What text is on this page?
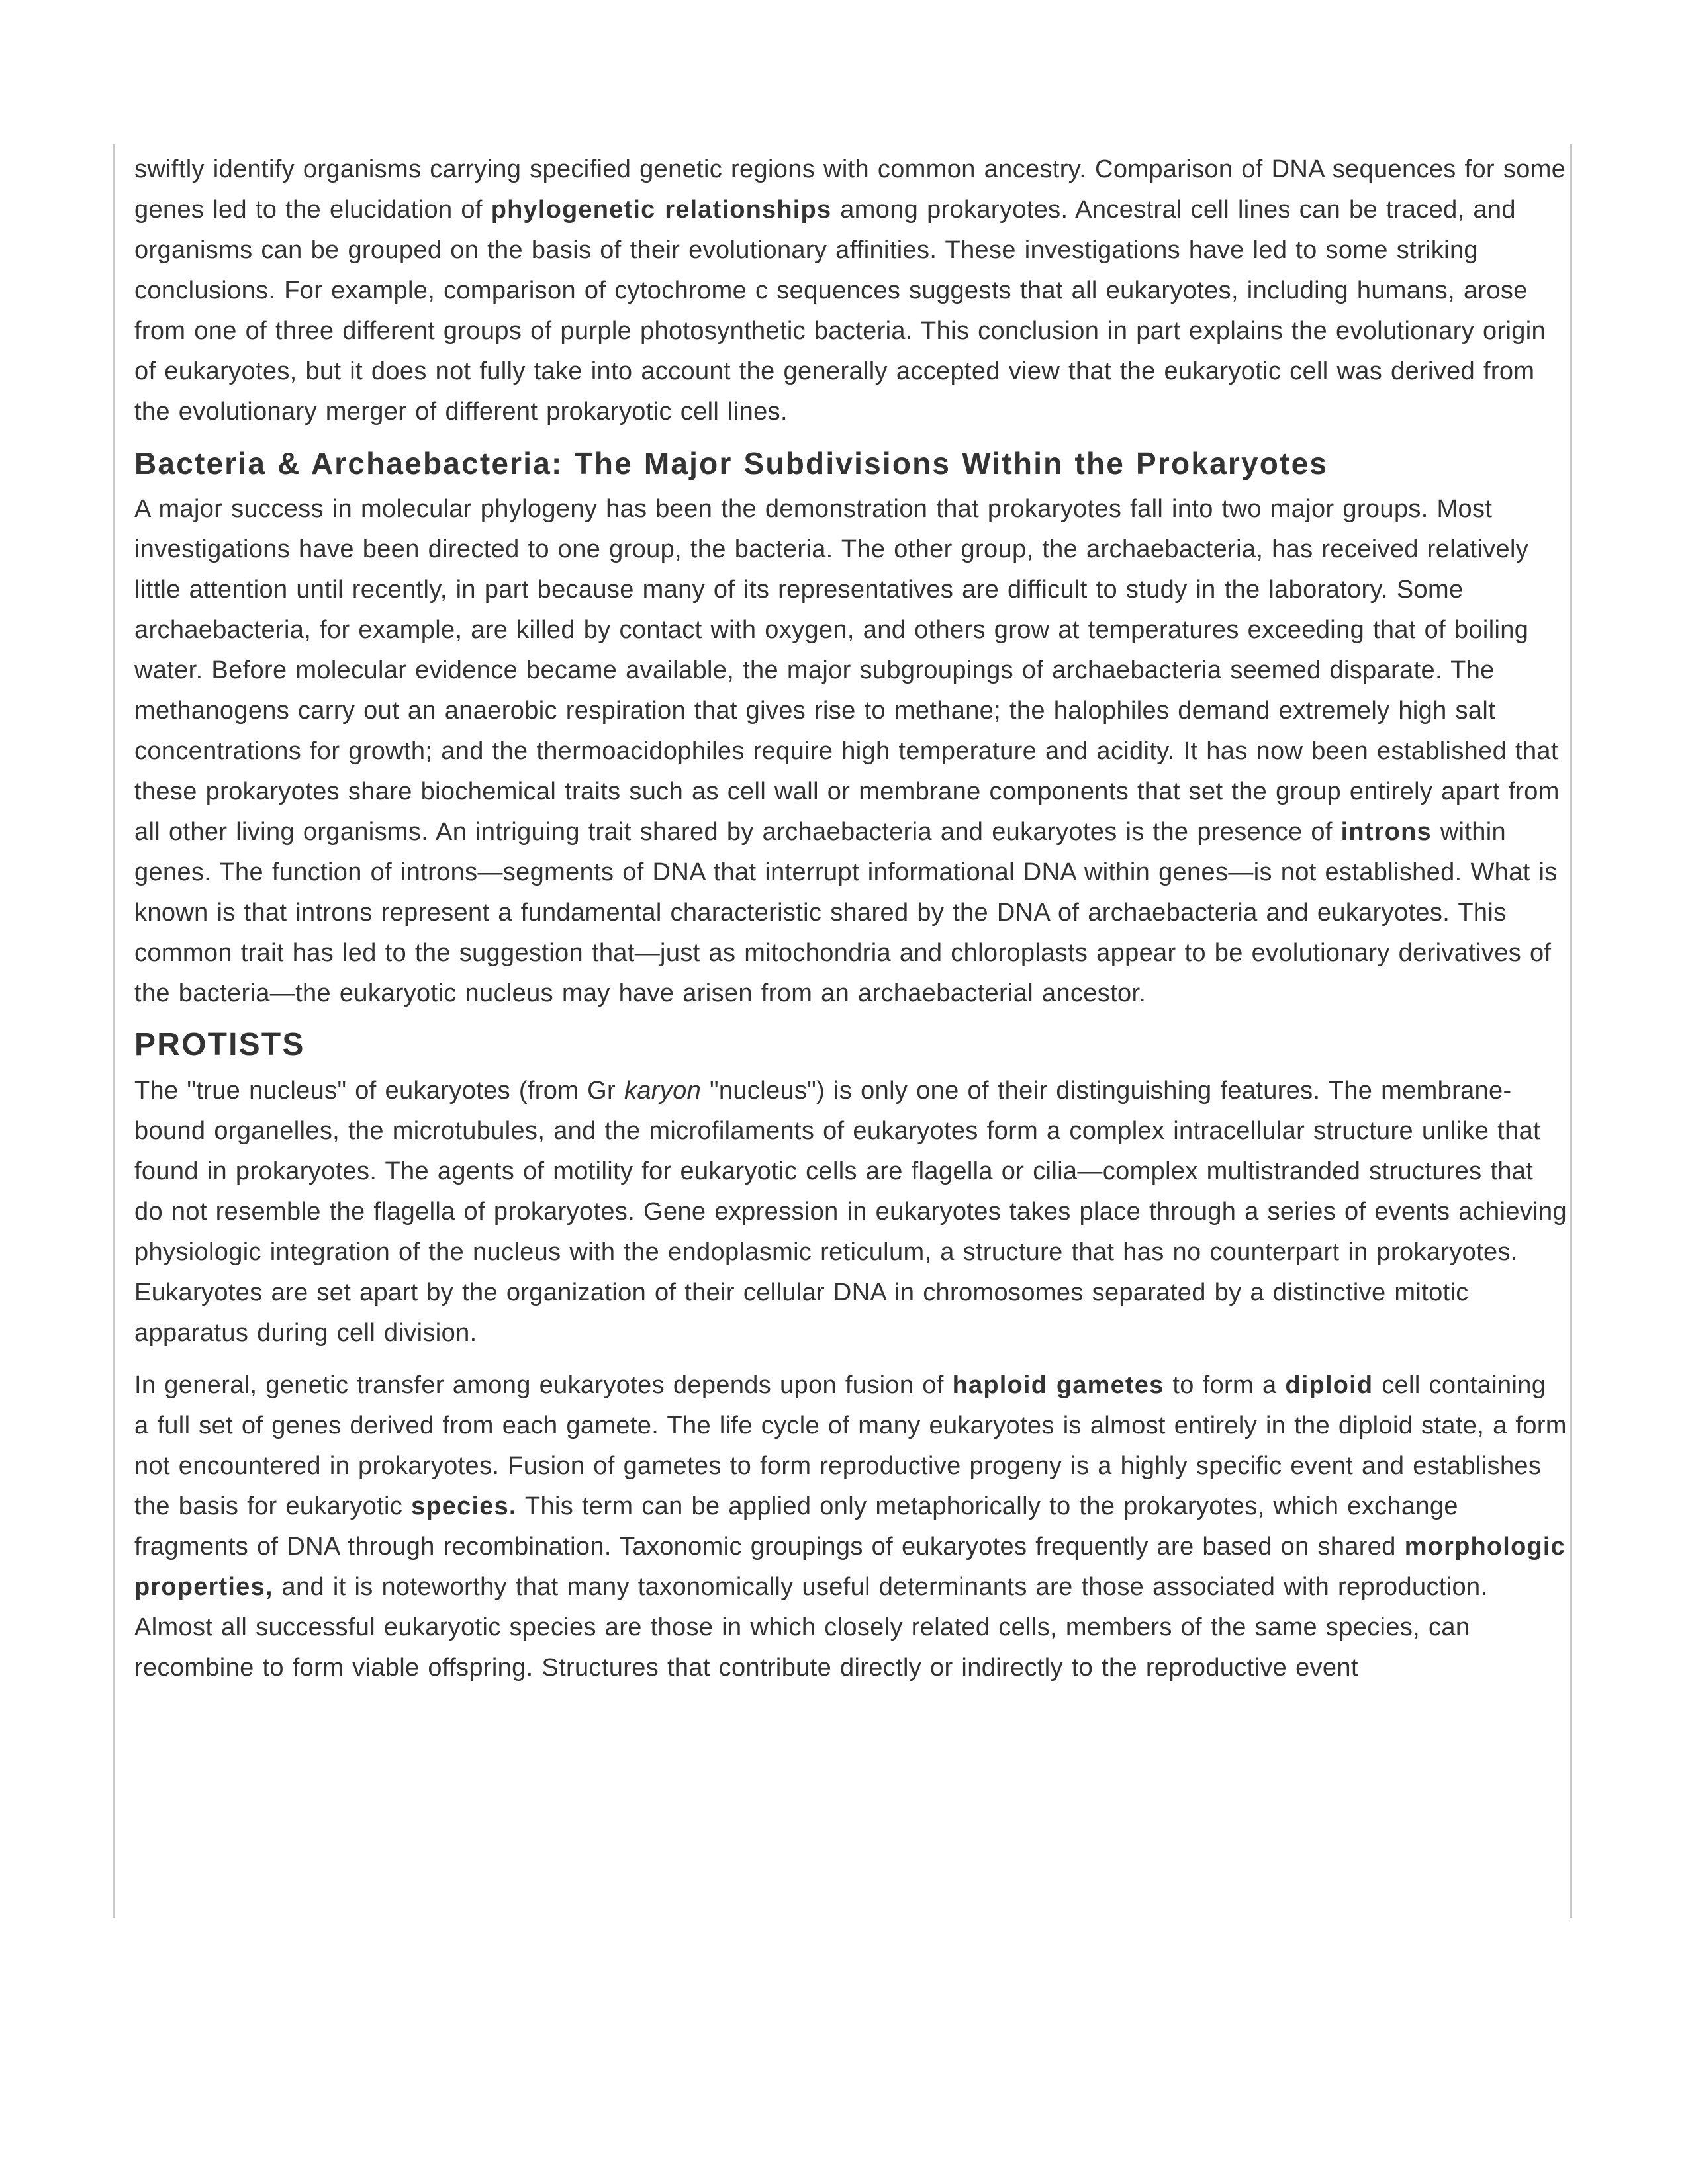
swiftly identify organisms carrying specified genetic regions with common ancestry. Comparison of DNA sequences for some genes led to the elucidation of phylogenetic relationships among prokaryotes. Ancestral cell lines can be traced, and organisms can be grouped on the basis of their evolutionary affinities. These investigations have led to some striking conclusions. For example, comparison of cytochrome c sequences suggests that all eukaryotes, including humans, arose from one of three different groups of purple photosynthetic bacteria. This conclusion in part explains the evolutionary origin of eukaryotes, but it does not fully take into account the generally accepted view that the eukaryotic cell was derived from the evolutionary merger of different prokaryotic cell lines.

Bacteria & Archaebacteria: The Major Subdivisions Within the Prokaryotes

A major success in molecular phylogeny has been the demonstration that prokaryotes fall into two major groups. Most investigations have been directed to one group, the bacteria. The other group, the archaebacteria, has received relatively little attention until recently, in part because many of its representatives are difficult to study in the laboratory. Some archaebacteria, for example, are killed by contact with oxygen, and others grow at temperatures exceeding that of boiling water. Before molecular evidence became available, the major subgroupings of archaebacteria seemed disparate. The methanogens carry out an anaerobic respiration that gives rise to methane; the halophiles demand extremely high salt concentrations for growth; and the thermoacidophiles require high temperature and acidity. It has now been established that these prokaryotes share biochemical traits such as cell wall or membrane components that set the group entirely apart from all other living organisms. An intriguing trait shared by archaebacteria and eukaryotes is the presence of introns within genes. The function of introns—segments of DNA that interrupt informational DNA within genes—is not established. What is known is that introns represent a fundamental characteristic shared by the DNA of archaebacteria and eukaryotes. This common trait has led to the suggestion that—just as mitochondria and chloroplasts appear to be evolutionary derivatives of the bacteria—the eukaryotic nucleus may have arisen from an archaebacterial ancestor.

PROTISTS

The "true nucleus" of eukaryotes (from Gr karyon "nucleus") is only one of their distinguishing features. The membrane-bound organelles, the microtubules, and the microfilaments of eukaryotes form a complex intracellular structure unlike that found in prokaryotes. The agents of motility for eukaryotic cells are flagella or cilia—complex multistranded structures that do not resemble the flagella of prokaryotes. Gene expression in eukaryotes takes place through a series of events achieving physiologic integration of the nucleus with the endoplasmic reticulum, a structure that has no counterpart in prokaryotes. Eukaryotes are set apart by the organization of their cellular DNA in chromosomes separated by a distinctive mitotic apparatus during cell division.

In general, genetic transfer among eukaryotes depends upon fusion of haploid gametes to form a diploid cell containing a full set of genes derived from each gamete. The life cycle of many eukaryotes is almost entirely in the diploid state, a form not encountered in prokaryotes. Fusion of gametes to form reproductive progeny is a highly specific event and establishes the basis for eukaryotic species. This term can be applied only metaphorically to the prokaryotes, which exchange fragments of DNA through recombination. Taxonomic groupings of eukaryotes frequently are based on shared morphologic properties, and it is noteworthy that many taxonomically useful determinants are those associated with reproduction. Almost all successful eukaryotic species are those in which closely related cells, members of the same species, can recombine to form viable offspring. Structures that contribute directly or indirectly to the reproductive event
